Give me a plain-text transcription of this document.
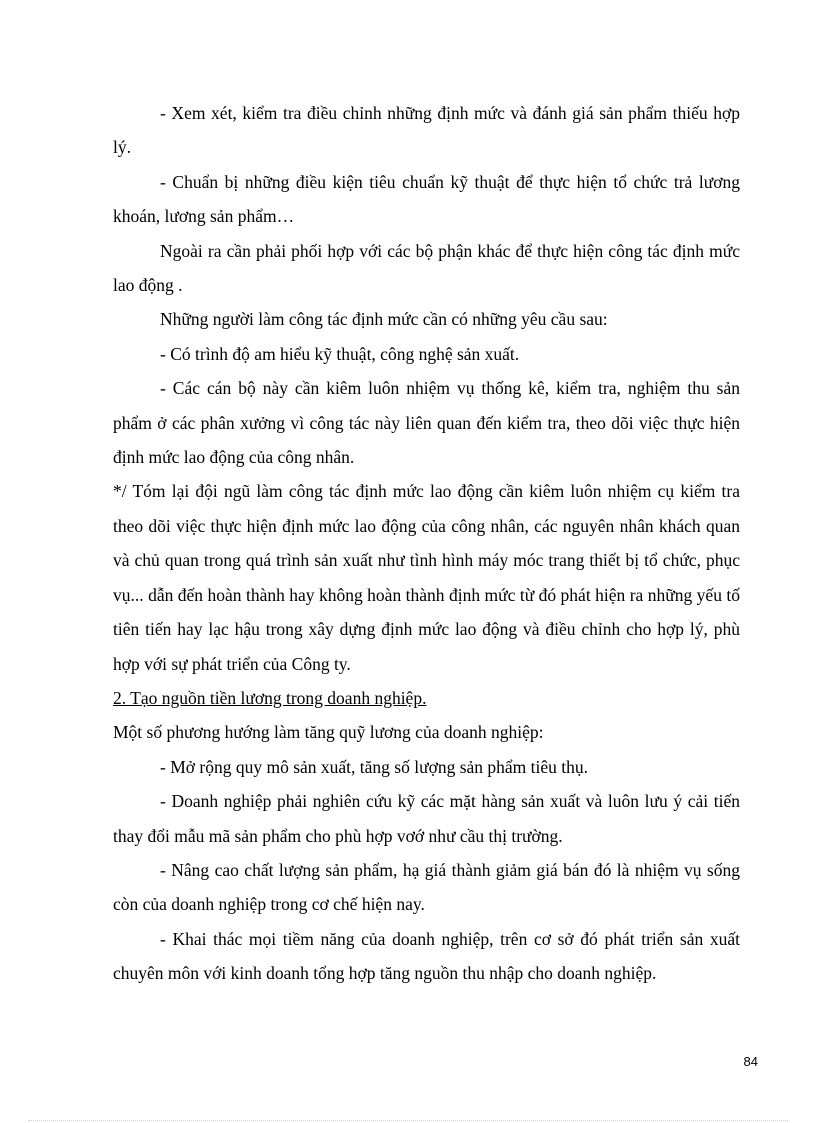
- Xem xét, kiểm tra điều chỉnh những định mức và đánh giá sản phẩm thiếu hợp lý.

- Chuẩn bị những điều kiện tiêu chuẩn kỹ thuật để thực hiện tổ chức trả lương khoán, lương sản phẩm…

Ngoài ra cần phải phối hợp với các bộ phận khác để thực hiện công tác định mức lao động .

Những người làm công tác định mức cần có những yêu cầu sau:

- Có trình độ am hiểu kỹ thuật, công nghệ sản xuất.

- Các cán bộ này cần kiêm luôn nhiệm vụ thống kê, kiểm tra, nghiệm thu sản phẩm ở các phân xưởng vì công tác này liên quan đến kiểm tra, theo dõi việc thực hiện định mức lao động của công nhân.

*/ Tóm lại đội ngũ làm công tác định mức lao động cần kiêm luôn nhiệm cụ kiểm tra theo dõi việc thực hiện định mức lao động của công nhân, các nguyên nhân khách quan và chủ quan trong quá trình sản xuất như tình hình máy móc trang thiết bị tổ chức, phục vụ... dẫn đến hoàn thành hay không hoàn thành định mức từ đó phát hiện ra những yếu tố tiên tiến hay lạc hậu trong xây dựng định mức lao động và điều chỉnh cho hợp lý, phù hợp với sự phát triển của Công ty.

2. Tạo nguồn tiền lương trong doanh nghiệp.

Một số phương hướng làm tăng quỹ lương của doanh nghiệp:

- Mở rộng quy mô sản xuất, tăng số lượng sản phẩm tiêu thụ.

- Doanh nghiệp phải nghiên cứu kỹ các mặt hàng sản xuất và luôn lưu ý cải tiến thay đổi mẫu mã sản phẩm cho phù hợp vơớ như cầu thị trường.

- Nâng cao chất lượng sản phẩm, hạ giá thành giảm giá bán đó là nhiệm vụ sống còn của doanh nghiệp trong cơ chế hiện nay.

- Khai thác mọi tiềm năng của doanh nghiệp, trên cơ sở đó phát triển sản xuất chuyên môn với kinh doanh tổng hợp tăng nguồn thu nhập cho doanh nghiệp.

84
